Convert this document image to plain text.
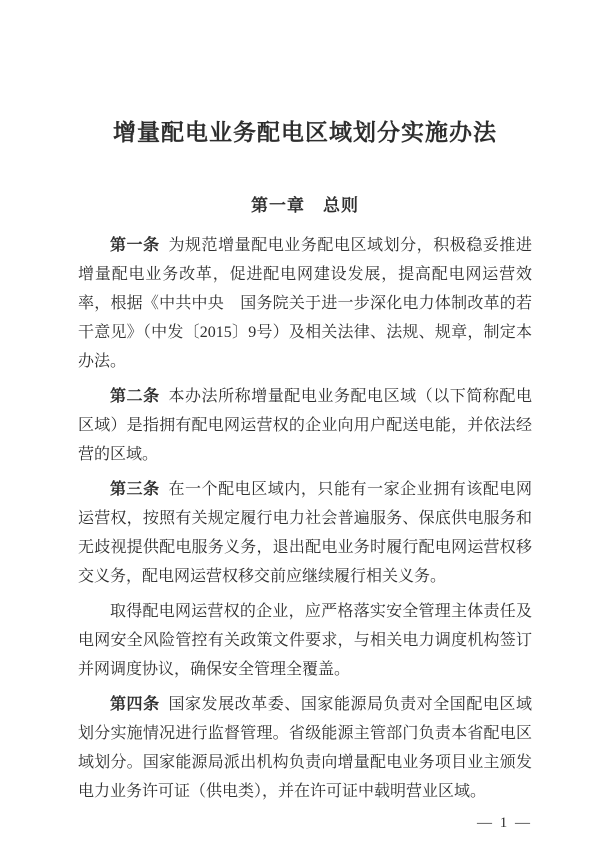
增量配电业务配电区域划分实施办法
第一章　总则

第一条 为规范增量配电业务配电区域划分，积极稳妥推进增量配电业务改革，促进配电网建设发展，提高配电网运营效率，根据《中共中央　国务院关于进一步深化电力体制改革的若干意见》（中发〔2015〕9号）及相关法律、法规、规章，制定本办法。

第二条 本办法所称增量配电业务配电区域（以下简称配电区域）是指拥有配电网运营权的企业向用户配送电能，并依法经营的区域。

第三条 在一个配电区域内，只能有一家企业拥有该配电网运营权，按照有关规定履行电力社会普遍服务、保底供电服务和无歧视提供配电服务义务，退出配电业务时履行配电网运营权移交义务，配电网运营权移交前应继续履行相关义务。

取得配电网运营权的企业，应严格落实安全管理主体责任及电网安全风险管控有关政策文件要求，与相关电力调度机构签订并网调度协议，确保安全管理全覆盖。

第四条 国家发展改革委、国家能源局负责对全国配电区域划分实施情况进行监督管理。省级能源主管部门负责本省配电区域划分。国家能源局派出机构负责向增量配电业务项目业主颁发电力业务许可证（供电类），并在许可证中载明营业区域。

— 1 —
